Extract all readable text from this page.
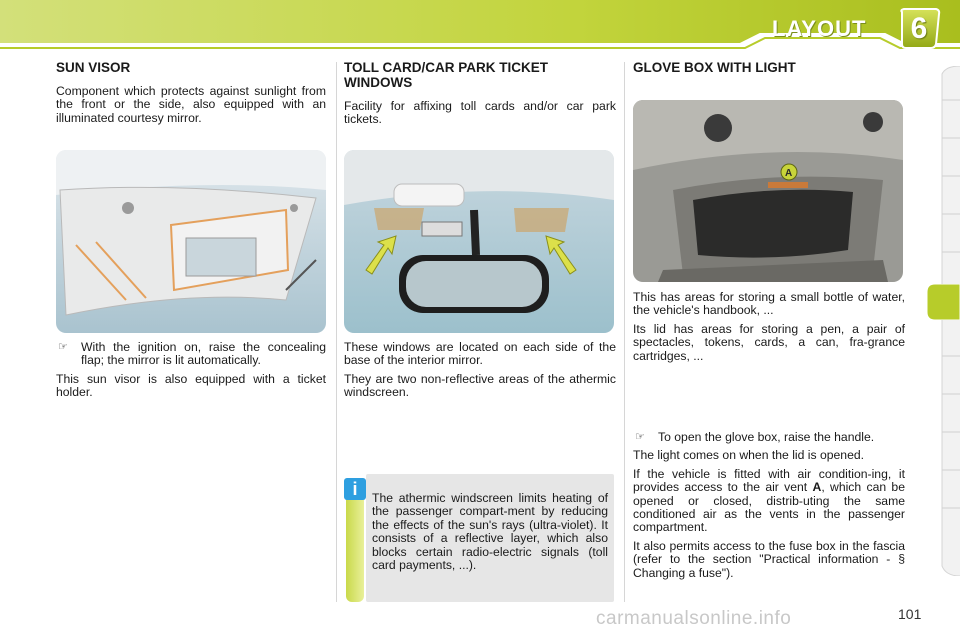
LAYOUT	6
SUN VISOR

Component which protects against sunlight from the front or the side, also equipped with an illuminated courtesy mirror.

☞	With the ignition on, raise the concealing flap; the mirror is lit automatically.

This sun visor is also equipped with a ticket holder.

TOLL CARD/CAR PARK TICKET WINDOWS

Facility for affixing toll cards and/or car park tickets.

These windows are located on each side of the base of the interior mirror.

They are two non-reflective areas of the athermic windscreen.

i	The athermic windscreen limits heating of the passenger compart-ment by reducing the effects of the sun's rays (ultra-violet). It consists of a reflective layer, which also blocks certain radio-electric signals (toll card payments, ...).

GLOVE BOX WITH LIGHT
A

This has areas for storing a small bottle of water, the vehicle's handbook, ...

Its lid has areas for storing a pen, a pair of spectacles, tokens, cards, a can, fra-grance cartridges, ...

☞	To open the glove box, raise the handle.

The light comes on when the lid is opened.

If the vehicle is fitted with air condition-ing, it provides access to the air vent A, which can be opened or closed, distrib-uting the same conditioned air as the vents in the passenger compartment.

It also permits access to the fuse box in the fascia (refer to the section "Practical information - § Changing a fuse").

carmanualsonline.info	101
